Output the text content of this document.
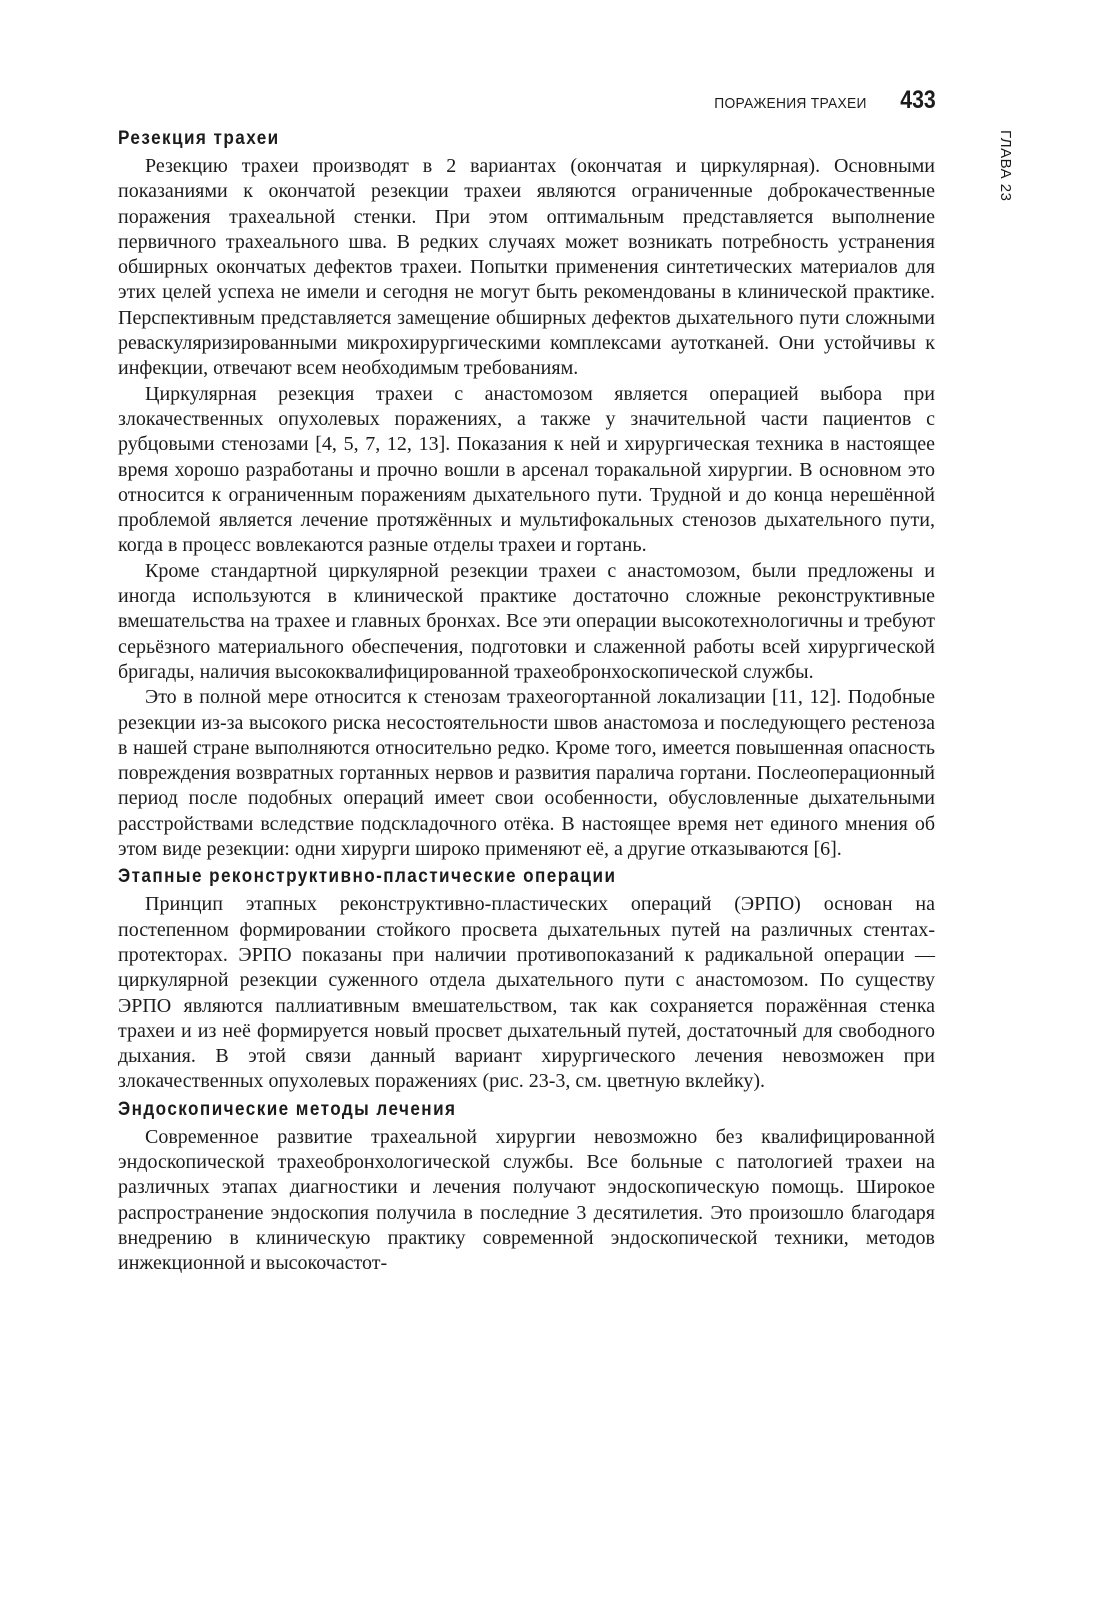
ПОРАЖЕНИЯ ТРАХЕИ 433
ГЛАВА 23
Резекция трахеи

Резекцию трахеи производят в 2 вариантах (окончатая и циркулярная). Основными показаниями к окончатой резекции трахеи являются ограниченные доброкачественные поражения трахеальной стенки. При этом оптимальным представляется выполнение первичного трахеального шва. В редких случаях может возникать потребность устранения обширных окончатых дефектов трахеи. Попытки применения синтетических материалов для этих целей успеха не имели и сегодня не могут быть рекомендованы в клинической практике. Перспективным представляется замещение обширных дефектов дыхательного пути сложными реваскуляризированными микрохирургическими комплексами аутотканей. Они устойчивы к инфекции, отвечают всем необходимым требованиям.

Циркулярная резекция трахеи с анастомозом является операцией выбора при злокачественных опухолевых поражениях, а также у значительной части пациентов с рубцовыми стенозами [4, 5, 7, 12, 13]. Показания к ней и хирургическая техника в настоящее время хорошо разработаны и прочно вошли в арсенал торакальной хирургии. В основном это относится к ограниченным поражениям дыхательного пути. Трудной и до конца нерешённой проблемой является лечение протяжённых и мультифокальных стенозов дыхательного пути, когда в процесс вовлекаются разные отделы трахеи и гортань.

Кроме стандартной циркулярной резекции трахеи с анастомозом, были предложены и иногда используются в клинической практике достаточно сложные реконструктивные вмешательства на трахее и главных бронхах. Все эти операции высокотехнологичны и требуют серьёзного материального обеспечения, подготовки и слаженной работы всей хирургической бригады, наличия высококвалифицированной трахеобронхоскопической службы.

Это в полной мере относится к стенозам трахеогортанной локализации [11, 12]. Подобные резекции из-за высокого риска несостоятельности швов анастомоза и последующего рестеноза в нашей стране выполняются относительно редко. Кроме того, имеется повышенная опасность повреждения возвратных гортанных нервов и развития паралича гортани. Послеоперационный период после подобных операций имеет свои особенности, обусловленные дыхательными расстройствами вследствие подскладочного отёка. В настоящее время нет единого мнения об этом виде резекции: одни хирурги широко применяют её, а другие отказываются [6].

Этапные реконструктивно-пластические операции

Принцип этапных реконструктивно-пластических операций (ЭРПО) основан на постепенном формировании стойкого просвета дыхательных путей на различных стентах-протекторах. ЭРПО показаны при наличии противопоказаний к радикальной операции — циркулярной резекции суженного отдела дыхательного пути с анастомозом. По существу ЭРПО являются паллиативным вмешательством, так как сохраняется поражённая стенка трахеи и из неё формируется новый просвет дыхательный путей, достаточный для свободного дыхания. В этой связи данный вариант хирургического лечения невозможен при злокачественных опухолевых поражениях (рис. 23-3, см. цветную вклейку).

Эндоскопические методы лечения

Современное развитие трахеальной хирургии невозможно без квалифицированной эндоскопической трахеобронхологической службы. Все больные с патологией трахеи на различных этапах диагностики и лечения получают эндоскопическую помощь. Широкое распространение эндоскопия получила в последние 3 десятилетия. Это произошло благодаря внедрению в клиническую практику современной эндоскопической техники, методов инжекционной и высокочастот-
